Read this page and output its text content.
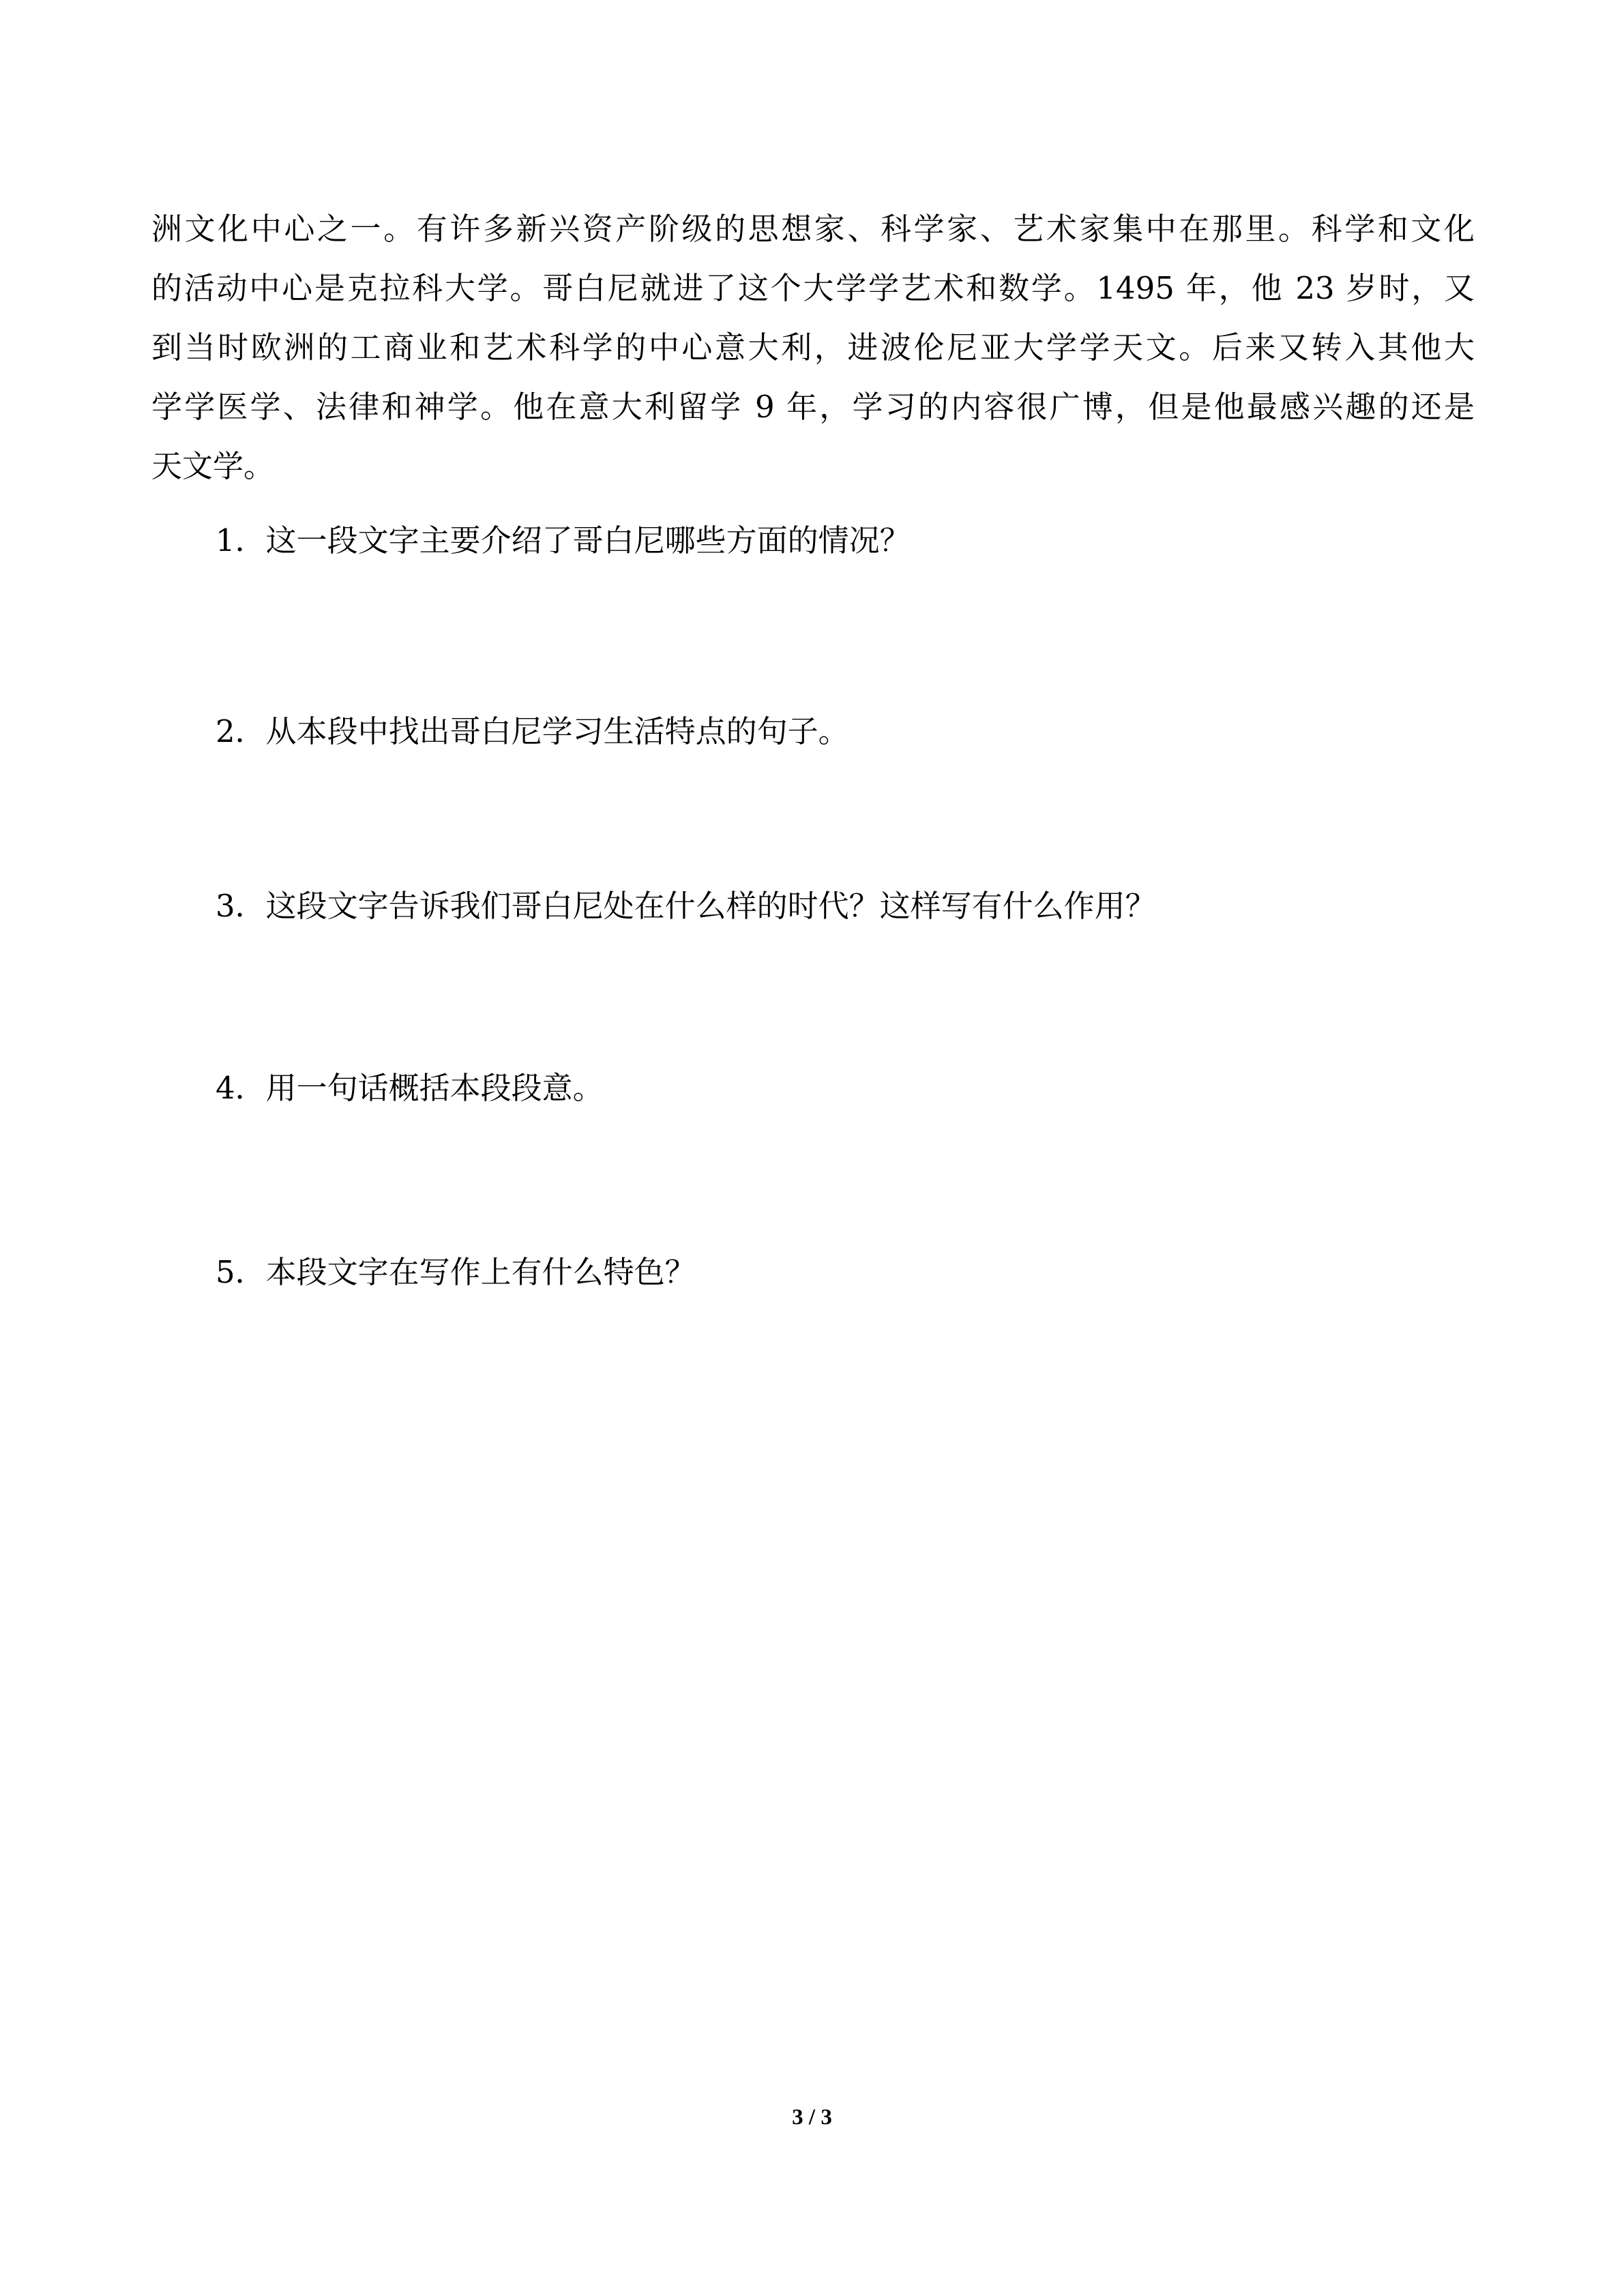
洲文化中心之一。有许多新兴资产阶级的思想家、科学家、艺术家集中在那里。科学和文化
的活动中心是克拉科大学。哥白尼就进了这个大学学艺术和数学。1495 年，他 23 岁时，又
到当时欧洲的工商业和艺术科学的中心意大利，进波伦尼亚大学学天文。后来又转入其他大
学学医学、法律和神学。他在意大利留学 9 年，学习的内容很广博，但是他最感兴趣的还是
天文学。

1．这一段文字主要介绍了哥白尼哪些方面的情况？

2．从本段中找出哥白尼学习生活特点的句子。

3．这段文字告诉我们哥白尼处在什么样的时代？这样写有什么作用？

4．用一句话概括本段段意。

5．本段文字在写作上有什么特色？

3 / 3
